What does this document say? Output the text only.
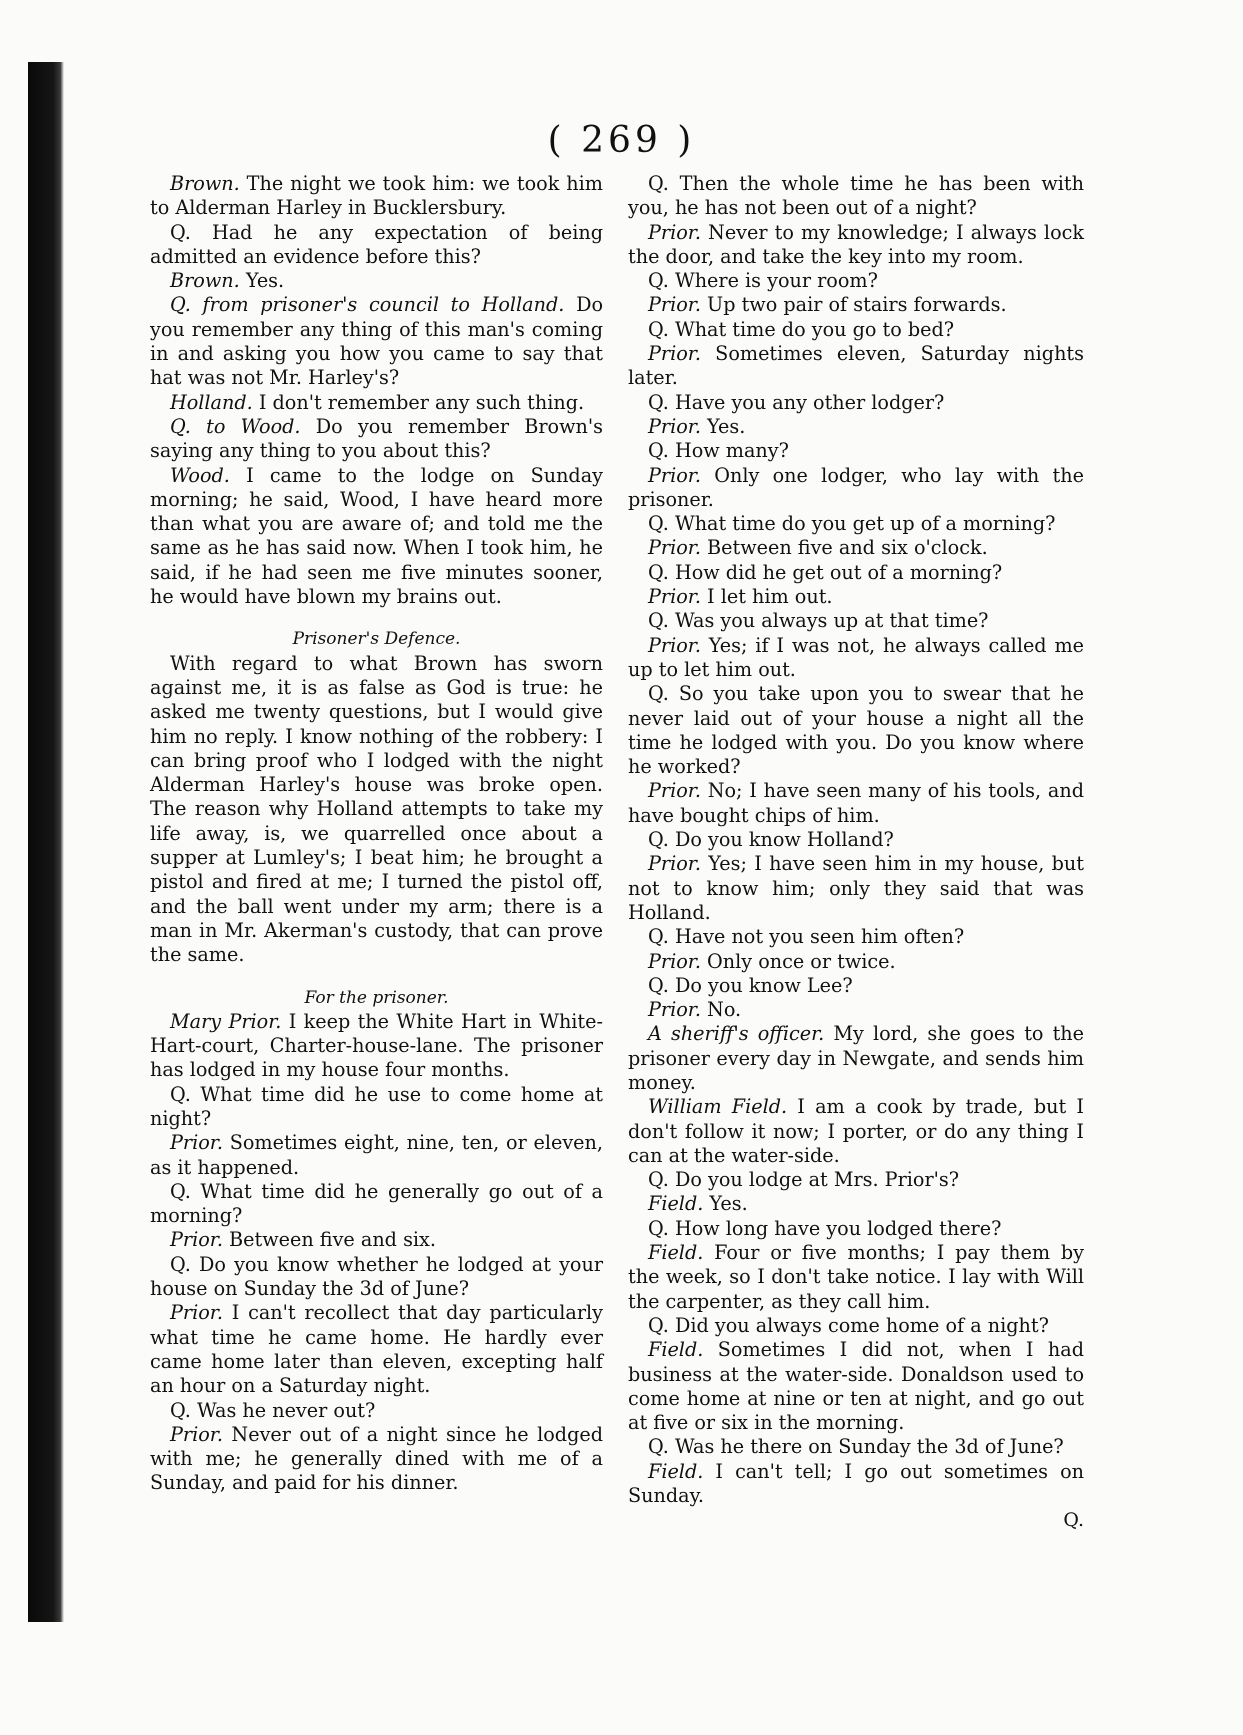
( 269 )

Brown. The night we took him: we took him to Alderman Harley in Bucklersbury.

Q. Had he any expectation of being admitted an evidence before this?

Brown. Yes.

Q. from prisoner's council to Holland. Do you remember any thing of this man's coming in and asking you how you came to say that hat was not Mr. Harley's?

Holland. I don't remember any such thing.

Q. to Wood. Do you remember Brown's saying any thing to you about this?

Wood. I came to the lodge on Sunday morning; he said, Wood, I have heard more than what you are aware of; and told me the same as he has said now. When I took him, he said, if he had seen me five minutes sooner, he would have blown my brains out.

Prisoner's Defence.

With regard to what Brown has sworn against me, it is as false as God is true: he asked me twenty questions, but I would give him no reply. I know nothing of the robbery: I can bring proof who I lodged with the night Alderman Harley's house was broke open. The reason why Holland attempts to take my life away, is, we quarrelled once about a supper at Lumley's; I beat him; he brought a pistol and fired at me; I turned the pistol off, and the ball went under my arm; there is a man in Mr. Akerman's custody, that can prove the same.

For the prisoner.

Mary Prior. I keep the White Hart in White-Hart-court, Charter-house-lane. The prisoner has lodged in my house four months.

Q. What time did he use to come home at night?

Prior. Sometimes eight, nine, ten, or eleven, as it happened.

Q. What time did he generally go out of a morning?

Prior. Between five and six.

Q. Do you know whether he lodged at your house on Sunday the 3d of June?

Prior. I can't recollect that day particularly what time he came home. He hardly ever came home later than eleven, excepting half an hour on a Saturday night.

Q. Was he never out?

Prior. Never out of a night since he lodged with me; he generally dined with me of a Sunday, and paid for his dinner.

Q. Then the whole time he has been with you, he has not been out of a night?

Prior. Never to my knowledge; I always lock the door, and take the key into my room.

Q. Where is your room?

Prior. Up two pair of stairs forwards.

Q. What time do you go to bed?

Prior. Sometimes eleven, Saturday nights later.

Q. Have you any other lodger?

Prior. Yes.

Q. How many?

Prior. Only one lodger, who lay with the prisoner.

Q. What time do you get up of a morning?

Prior. Between five and six o'clock.

Q. How did he get out of a morning?

Prior. I let him out.

Q. Was you always up at that time?

Prior. Yes; if I was not, he always called me up to let him out.

Q. So you take upon you to swear that he never laid out of your house a night all the time he lodged with you. Do you know where he worked?

Prior. No; I have seen many of his tools, and have bought chips of him.

Q. Do you know Holland?

Prior. Yes; I have seen him in my house, but not to know him; only they said that was Holland.

Q. Have not you seen him often?

Prior. Only once or twice.

Q. Do you know Lee?

Prior. No.

A sheriff's officer. My lord, she goes to the prisoner every day in Newgate, and sends him money.

William Field. I am a cook by trade, but I don't follow it now; I porter, or do any thing I can at the water-side.

Q. Do you lodge at Mrs. Prior's?

Field. Yes.

Q. How long have you lodged there?

Field. Four or five months; I pay them by the week, so I don't take notice. I lay with Will the carpenter, as they call him.

Q. Did you always come home of a night?

Field. Sometimes I did not, when I had business at the water-side. Donaldson used to come home at nine or ten at night, and go out at five or six in the morning.

Q. Was he there on Sunday the 3d of June?

Field. I can't tell; I go out sometimes on Sunday.

Q.
